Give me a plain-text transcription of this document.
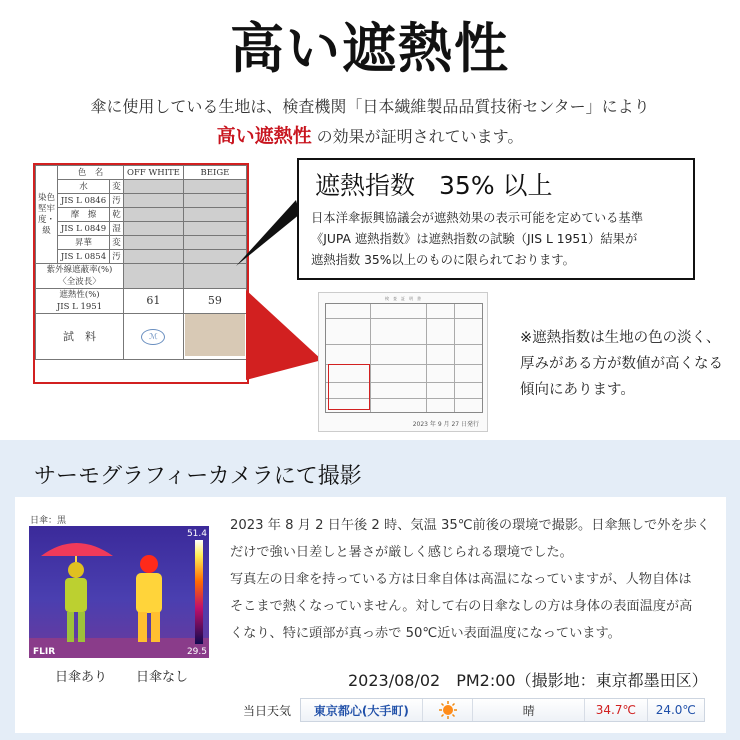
高い遮熱性
傘に使用している生地は、検査機関「日本繊維製品品質技術センター」により
高い遮熱性 の効果が証明されています。
染色堅牢度・級	色　名		OFF WHITE	BEIGE
	水	変		
	JIS L 0846	汚		
	摩　擦	乾		
	JIS L 0849	湿		
	昇華	変		
	JIS L 0854	汚		
紫外線遮蔽率(%)
〈全波長〉				
遮熱性(%)
JIS L 1951			61	59
試　料			ℳ	
遮熱指数 35% 以上
日本洋傘振興協議会が遮熱効果の表示可能を定めている基準
《JUPA 遮熱指数》は遮熱指数の試験（JIS L 1951）結果が
遮熱指数 35%以上のものに限られております。
検　査　証　明　書
2023 年 9 月 27 日発行
※遮熱指数は生地の色の淡く、
厚みがある方が数値が高くなる
傾向にあります。
サーモグラフィーカメラにて撮影
日傘：黒
51.4
29.5
FLIR
日傘あり 日傘なし
2023 年 8 月 2 日午後 2 時、気温 35℃前後の環境で撮影。日傘無しで外を歩く
だけで強い日差しと暑さが厳しく感じられる環境でした。
写真左の日傘を持っている方は日傘自体は高温になっていますが、人物自体は
そこまで熱くなっていません。対して右の日傘なしの方は身体の表面温度が高
くなり、特に頭部が真っ赤で 50℃近い表面温度になっています。
2023/08/02　PM2:00（撮影地：東京都墨田区）
当日天気	東京都心(大手町)	晴	34.7℃	24.0℃
